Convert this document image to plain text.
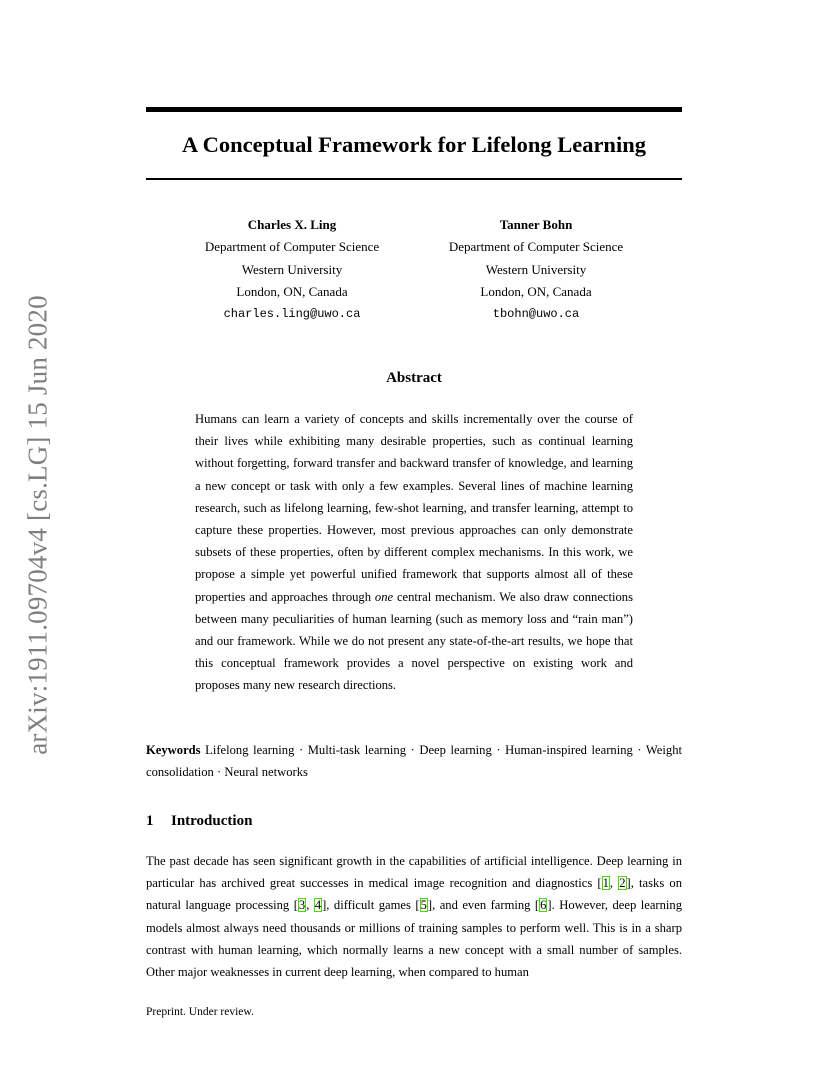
arXiv:1911.09704v4 [cs.LG] 15 Jun 2020
A Conceptual Framework for Lifelong Learning
Charles X. Ling
Department of Computer Science
Western University
London, ON, Canada
charles.ling@uwo.ca
Tanner Bohn
Department of Computer Science
Western University
London, ON, Canada
tbohn@uwo.ca
Abstract
Humans can learn a variety of concepts and skills incrementally over the course of their lives while exhibiting many desirable properties, such as continual learning without forgetting, forward transfer and backward transfer of knowledge, and learning a new concept or task with only a few examples. Several lines of machine learning research, such as lifelong learning, few-shot learning, and transfer learning, attempt to capture these properties. However, most previous approaches can only demonstrate subsets of these properties, often by different complex mechanisms. In this work, we propose a simple yet powerful unified framework that supports almost all of these properties and approaches through one central mechanism. We also draw connections between many peculiarities of human learning (such as memory loss and “rain man”) and our framework. While we do not present any state-of-the-art results, we hope that this conceptual framework provides a novel perspective on existing work and proposes many new research directions.
Keywords Lifelong learning · Multi-task learning · Deep learning · Human-inspired learning · Weight consolidation · Neural networks
1 Introduction
The past decade has seen significant growth in the capabilities of artificial intelligence. Deep learning in particular has archived great successes in medical image recognition and diagnostics [1, 2], tasks on natural language processing [3, 4], difficult games [5], and even farming [6]. However, deep learning models almost always need thousands or millions of training samples to perform well. This is in a sharp contrast with human learning, which normally learns a new concept with a small number of samples. Other major weaknesses in current deep learning, when compared to human
Preprint. Under review.
